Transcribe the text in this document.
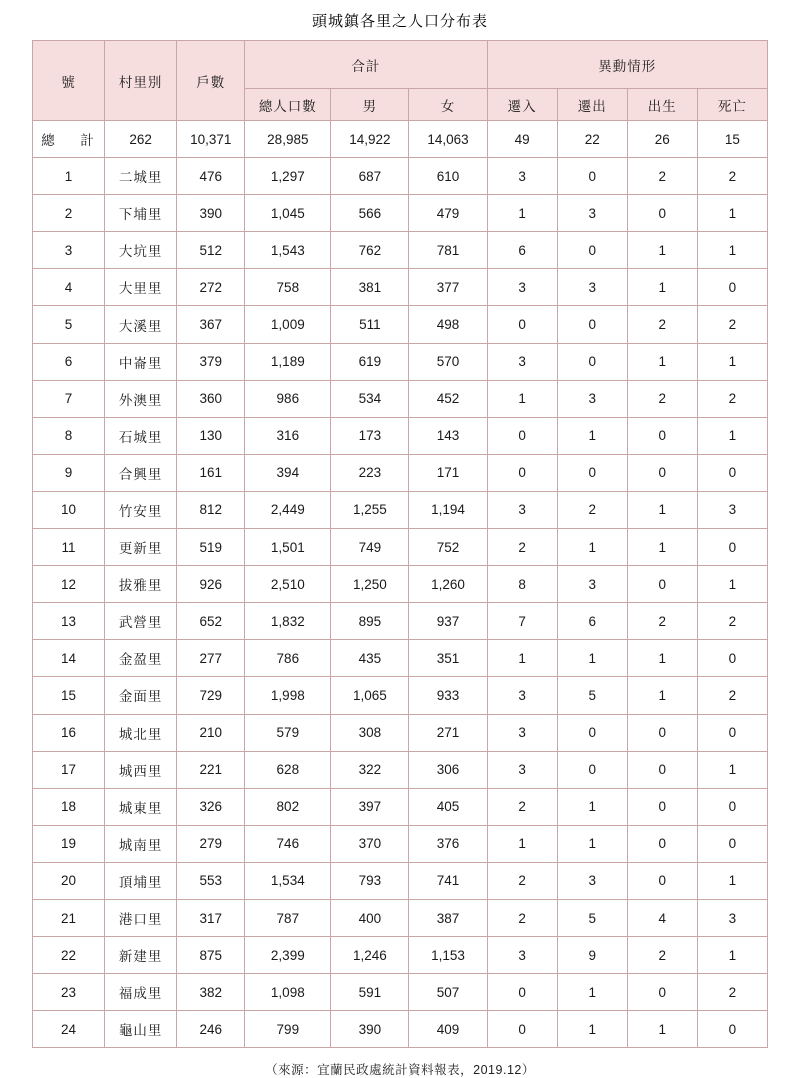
頭城鎮各里之人口分布表
號	村里別	戶數	合計			異動情形			
			總人口數	男	女	遷入	遷出	出生	死亡
總　計	262	10,371	28,985	14,922	14,063	49	22	26	15
1	二城里	476	1,297	687	610	3	0	2	2
2	下埔里	390	1,045	566	479	1	3	0	1
3	大坑里	512	1,543	762	781	6	0	1	1
4	大里里	272	758	381	377	3	3	1	0
5	大溪里	367	1,009	511	498	0	0	2	2
6	中崙里	379	1,189	619	570	3	0	1	1
7	外澳里	360	986	534	452	1	3	2	2
8	石城里	130	316	173	143	0	1	0	1
9	合興里	161	394	223	171	0	0	0	0
10	竹安里	812	2,449	1,255	1,194	3	2	1	3
11	更新里	519	1,501	749	752	2	1	1	0
12	拔雅里	926	2,510	1,250	1,260	8	3	0	1
13	武營里	652	1,832	895	937	7	6	2	2
14	金盈里	277	786	435	351	1	1	1	0
15	金面里	729	1,998	1,065	933	3	5	1	2
16	城北里	210	579	308	271	3	0	0	0
17	城西里	221	628	322	306	3	0	0	1
18	城東里	326	802	397	405	2	1	0	0
19	城南里	279	746	370	376	1	1	0	0
20	頂埔里	553	1,534	793	741	2	3	0	1
21	港口里	317	787	400	387	2	5	4	3
22	新建里	875	2,399	1,246	1,153	3	9	2	1
23	福成里	382	1,098	591	507	0	1	0	2
24	龜山里	246	799	390	409	0	1	1	0
（來源：宜蘭民政處統計資料報表，2019.12）
